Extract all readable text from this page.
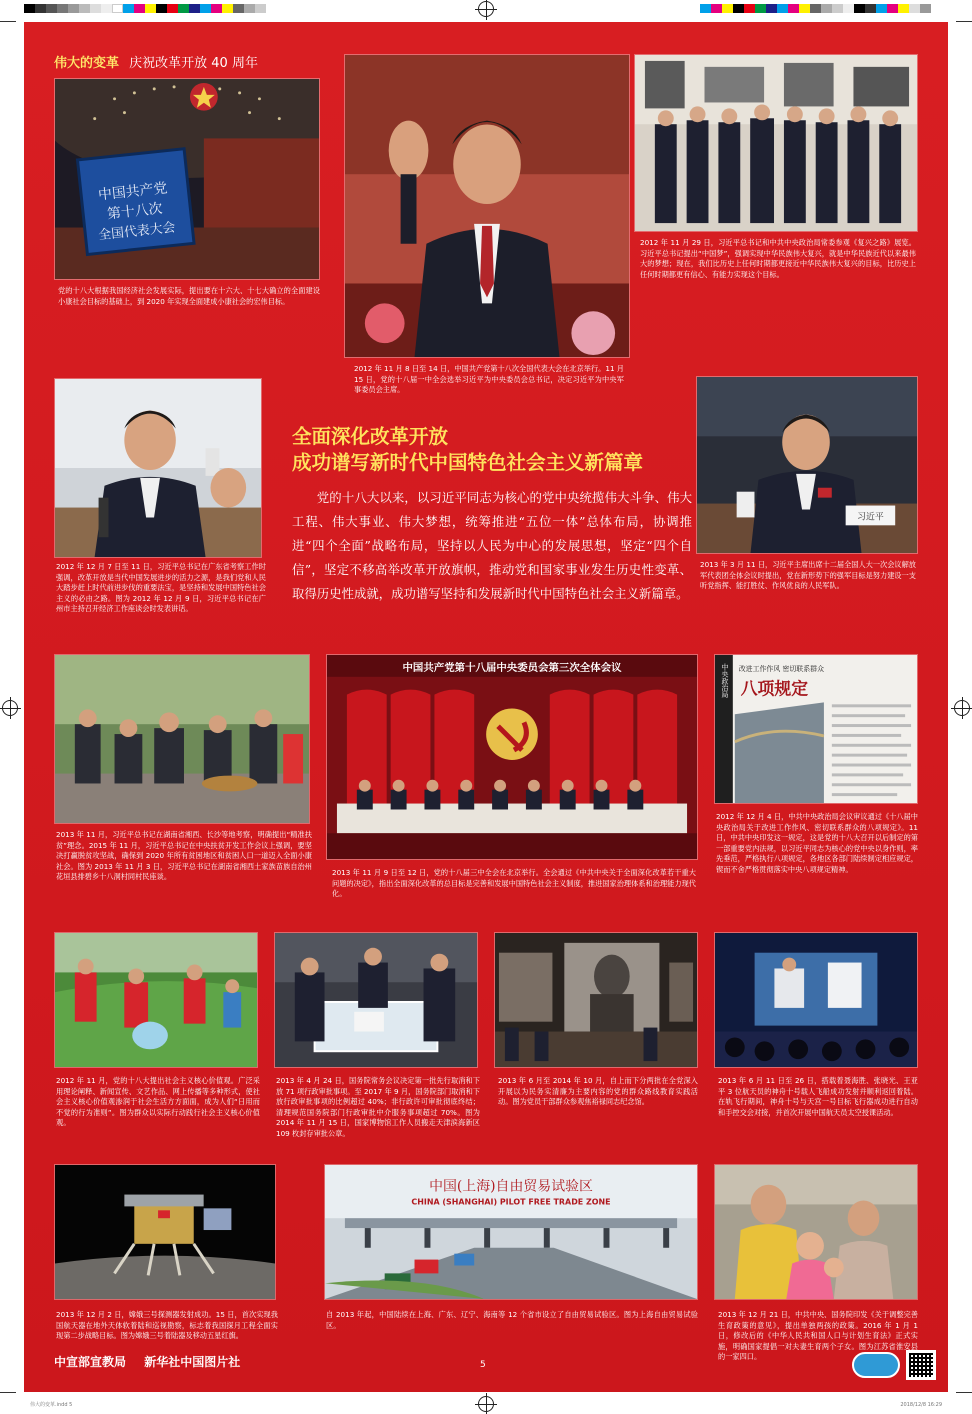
伟大的变革.indd 5	2018/12/8 16:29
伟大的变革 庆祝改革开放 40 周年
中国共产党
第十八次
全国代表大会
党的十八大根据我国经济社会发展实际，提出要在十六大、十七大确立的全面建设小康社会目标的基础上，到 2020 年实现全面建成小康社会的宏伟目标。
2012 年 11 月 8 日至 14 日，中国共产党第十八次全国代表大会在北京举行。11 月 15 日，党的十八届一中全会选举习近平为中央委员会总书记，决定习近平为中央军事委员会主席。
2012 年 11 月 29 日，习近平总书记和中共中央政治局常委参观《复兴之路》展览。习近平总书记提出“中国梦”，强调实现中华民族伟大复兴，就是中华民族近代以来最伟大的梦想；现在，我们比历史上任何时期都更接近中华民族伟大复兴的目标，比历史上任何时期都更有信心、有能力实现这个目标。
2012 年 12 月 7 日至 11 日，习近平总书记在广东省考察工作时强调，改革开放是当代中国发展进步的活力之源，是我们党和人民大踏步赶上时代前进步伐的重要法宝，是坚持和发展中国特色社会主义的必由之路。图为 2012 年 12 月 9 日，习近平总书记在广州市主持召开经济工作座谈会时发表讲话。
全面深化改革开放
成功谱写新时代中国特色社会主义新篇章
党的十八大以来，以习近平同志为核心的党中央统揽伟大斗争、伟大工程、伟大事业、伟大梦想，统筹推进“五位一体”总体布局，协调推进“四个全面”战略布局，坚持以人民为中心的发展思想，坚定“四个自信”，坚定不移高举改革开放旗帜，推动党和国家事业发生历史性变革、取得历史性成就，成功谱写坚持和发展新时代中国特色社会主义新篇章。
习近平
2013 年 3 月 11 日，习近平主席出席十二届全国人大一次会议解放军代表团全体会议时提出，党在新形势下的强军目标是努力建设一支听党指挥、能打胜仗、作风优良的人民军队。
2013 年 11 月，习近平总书记在湖南省湘西、长沙等地考察，明确提出“精准扶贫”理念。2015 年 11 月，习近平总书记在中央扶贫开发工作会议上强调，要坚决打赢脱贫攻坚战，确保到 2020 年所有贫困地区和贫困人口一道迈入全面小康社会。图为 2013 年 11 月 3 日，习近平总书记在湖南省湘西土家族苗族自治州花垣县排碧乡十八洞村同村民座谈。
中国共产党第十八届中央委员会第三次全体会议
2013 年 11 月 9 日至 12 日，党的十八届三中全会在北京举行。全会通过《中共中央关于全面深化改革若干重大问题的决定》，指出全面深化改革的总目标是完善和发展中国特色社会主义制度，推进国家治理体系和治理能力现代化。
中央政治局 改进工作作风 密切联系群众
八项规定
2012 年 12 月 4 日，中共中央政治局会议审议通过《十八届中央政治局关于改进工作作风、密切联系群众的八项规定》。11 日，中共中央印发这一规定，这是党的十八大召开以后制定的第一部重要党内法规，以习近平同志为核心的党中央以身作则，率先垂范，严格执行八项规定，各地区各部门陆续制定相应规定，锲而不舍严格贯彻落实中央八项规定精神。
2012 年 11 月，党的十八大提出社会主义核心价值观。广泛采用理论阐释、新闻宣传、文艺作品、网上传播等多种形式，使社会主义核心价值观渗润于社会生活方方面面，成为人们“日用而不觉的行为准则”。图为群众以实际行动践行社会主义核心价值观。
2013 年 4 月 24 日，国务院常务会议决定第一批先行取消和下放 71 项行政审批事项。至 2017 年 9 月，国务院部门取消和下放行政审批事项的比例超过 40%；非行政许可审批彻底终结；清理规范国务院部门行政审批中介服务事项超过 70%。图为 2014 年 11 月 15 日，国家博物馆工作人员搬走天津滨海新区 109 枚封存审批公章。
2013 年 6 月至 2014 年 10 月，自上而下分两批在全党深入开展以为民务实清廉为主要内容的党的群众路线教育实践活动。图为党员干部群众参观焦裕禄同志纪念馆。
2013 年 6 月 11 日至 26 日，搭载着聂海胜、张晓光、王亚平 3 位航天员的神舟十号载人飞船成功发射并顺利返回着陆。在轨飞行期间，神舟十号与天宫一号目标飞行器成功进行自动和手控交会对接，并首次开展中国航天员太空授课活动。
2013 年 12 月 2 日，嫦娥三号探测器发射成功。15 日，首次实现我国航天器在地外天体软着陆和巡视勘察，标志着我国探月工程全面实现第二步战略目标。图为嫦娥三号着陆器及移动五星红旗。
中国(上海)自由贸易试验区
CHINA (SHANGHAI) PILOT FREE TRADE ZONE
自 2013 年起，中国陆续在上海、广东、辽宁、海南等 12 个省市设立了自由贸易试验区。图为上海自由贸易试验区。
2013 年 12 月 21 日，中共中央、国务院印发《关于调整完善生育政策的意见》，提出单独两孩的政策。2016 年 1 月 1 日，修改后的《中华人民共和国人口与计划生育法》正式实施，明确国家提倡一对夫妻生育两个子女。图为江苏省淮安县的一家四口。
中宣部宣教局 新华社中国图片社	5
